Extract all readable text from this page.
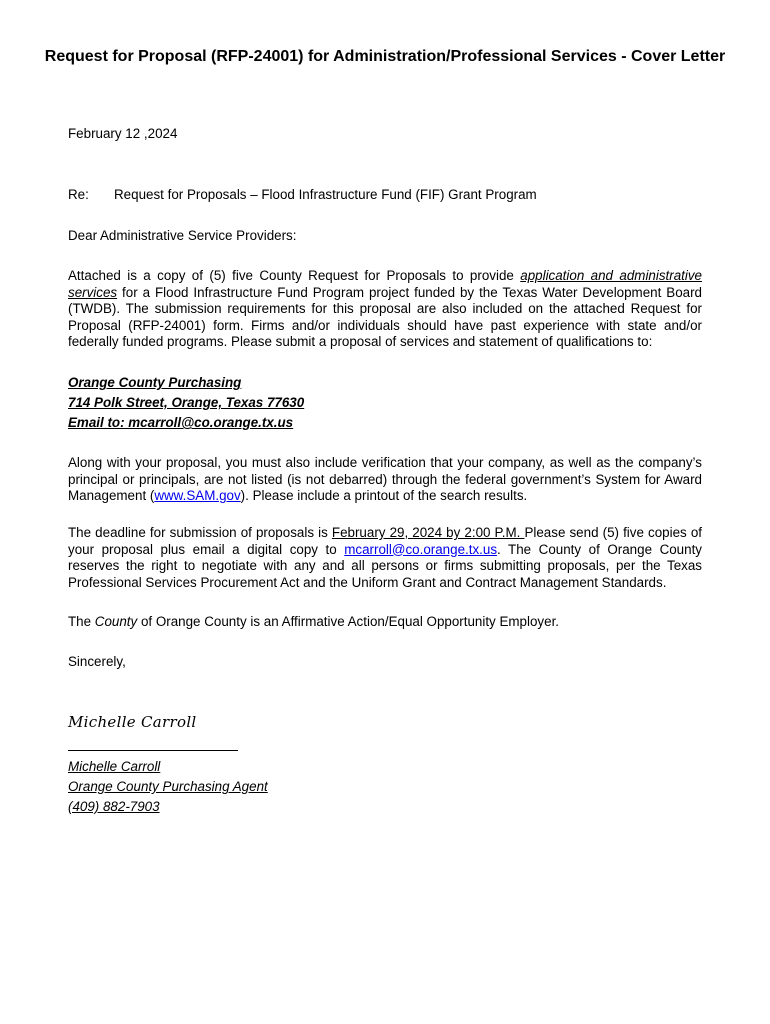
Request for Proposal (RFP-24001) for Administration/Professional Services - Cover Letter
February 12 ,2024
Re: Request for Proposals – Flood Infrastructure Fund (FIF) Grant Program
Dear Administrative Service Providers:
Attached is a copy of (5) five County Request for Proposals to provide application and administrative services for a Flood Infrastructure Fund Program project funded by the Texas Water Development Board (TWDB). The submission requirements for this proposal are also included on the attached Request for Proposal (RFP-24001) form. Firms and/or individuals should have past experience with state and/or federally funded programs. Please submit a proposal of services and statement of qualifications to:
Orange County Purchasing
714 Polk Street, Orange, Texas 77630
Email to: mcarroll@co.orange.tx.us
Along with your proposal, you must also include verification that your company, as well as the company’s principal or principals, are not listed (is not debarred) through the federal government’s System for Award Management (www.SAM.gov). Please include a printout of the search results.
The deadline for submission of proposals is February 29, 2024 by 2:00 P.M. Please send (5) five copies of your proposal plus email a digital copy to mcarroll@co.orange.tx.us. The County of Orange County reserves the right to negotiate with any and all persons or firms submitting proposals, per the Texas Professional Services Procurement Act and the Uniform Grant and Contract Management Standards.
The County of Orange County is an Affirmative Action/Equal Opportunity Employer.
Sincerely,
Michelle Carroll
Michelle Carroll
Orange County Purchasing Agent
(409) 882-7903
